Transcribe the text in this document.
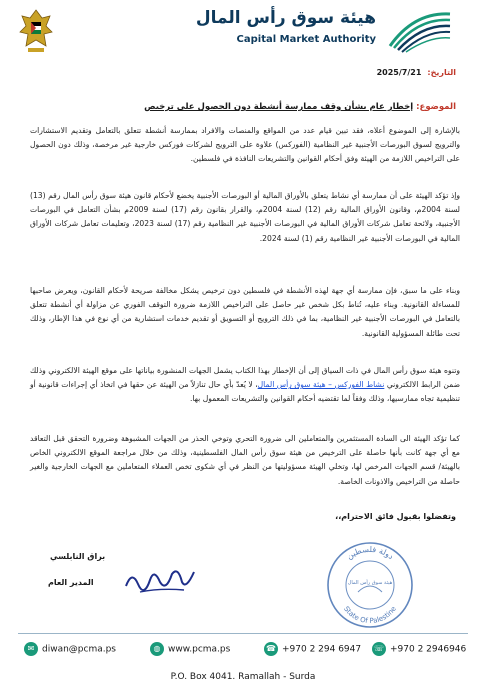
هيئة سوق رأس المال
Capital Market Authority
التاريخ:2025/7/21
الموضوع: إخطار عام بشأن وقف ممارسة أنشطة دون الحصول على ترخيص
بالإشارة إلى الموضوع أعلاه، فقد تبين قيام عدد من المواقع والمنصات والافراد بممارسة أنشطة تتعلق بالتعامل وتقديم الاستشارات والترويج لسوق البورصات الأجنبية غير النظامية (الفوركس) علاوة على الترويج لشركات فوركس خارجية غير مرخصة، وذلك دون الحصول على التراخيص اللازمة من الهيئة وفق أحكام القوانين والتشريعات النافذة في فلسطين.
وإذ تؤكد الهيئة على أن ممارسة أي نشاط يتعلق بالأوراق المالية أو البورصات الأجنبية يخضع لأحكام قانون هيئة سوق رأس المال رقم (13) لسنة 2004م، وقانون الأوراق المالية رقم (12) لسنة 2004م، والقرار بقانون رقم (17) لسنة 2009م بشأن التعامل في البورصات الأجنبية، ولائحة تعامل شركات الأوراق المالية في البورصات الأجنبية غير النظامية رقم (17) لسنة 2023، وتعليمات تعامل شركات الأوراق المالية في البورصات الأجنبية غير النظامية رقم (1) لسنة 2024.
وبناء على ما سبق، فإن ممارسة أي جهة لهذه الأنشطة في فلسطين دون ترخيص يشكل مخالفة صريحة لأحكام القانون، ويعرض صاحبها للمساءلة القانونية. وبناء عليه، تُناط بكل شخص غير حاصل على التراخيص اللازمة ضرورة التوقف الفوري عن مزاولة أي أنشطة تتعلق بالتعامل في البورصات الأجنبية غير النظامية، بما في ذلك الترويج أو التسويق أو تقديم خدمات استشارية من أي نوع في هذا الإطار، وذلك تحت طائلة المسؤولية القانونية.
وتنوه هيئة سوق رأس المال في ذات السياق إلى أن الإخطار بهذا الكتاب يشمل الجهات المنشورة بياناتها على موقع الهيئة الالكتروني وذلك ضمن الرابط الالكتروني نشاط الفوركس – هيئة سوق رأس المال، لا يُعدّ بأي حال تنازلاً من الهيئة عن حقها في اتخاذ أي إجراءات قانونية أو تنظيمية تجاه ممارسيها، وذلك وفقاً لما تقتضيه أحكام القوانين والتشريعات المعمول بها.
كما تؤكد الهيئة الى السادة المستثمرين والمتعاملين الى ضرورة التحري وتوخي الحذر من الجهات المشبوهة وضرورة التحقق قبل التعاقد مع أي جهة كانت بأنها حاصلة على الترخيص من هيئة سوق رأس المال الفلسطينية، وذلك من خلال مراجعة الموقع الالكتروني الخاص بالهيئة/ قسم الجهات المرخص لها، وتخلي الهيئة مسؤوليتها من النظر في أي شكوى تخص العملاء المتعاملين مع الجهات الخارجية والغير حاصلة من التراخيص والاذونات الخاصة.
وتفضلوا بقبول فائق الاحترام،،
براق النابلسي
المدير العام
دولة فلسطين
State Of Palestine
هيئة سوق رأس المال
✉ diwan@pcma.ps	◍ www.pcma.ps	☎ +970 2 294 6947 ☏ +970 2 2946946
P.O. Box 4041. Ramallah - Surda
